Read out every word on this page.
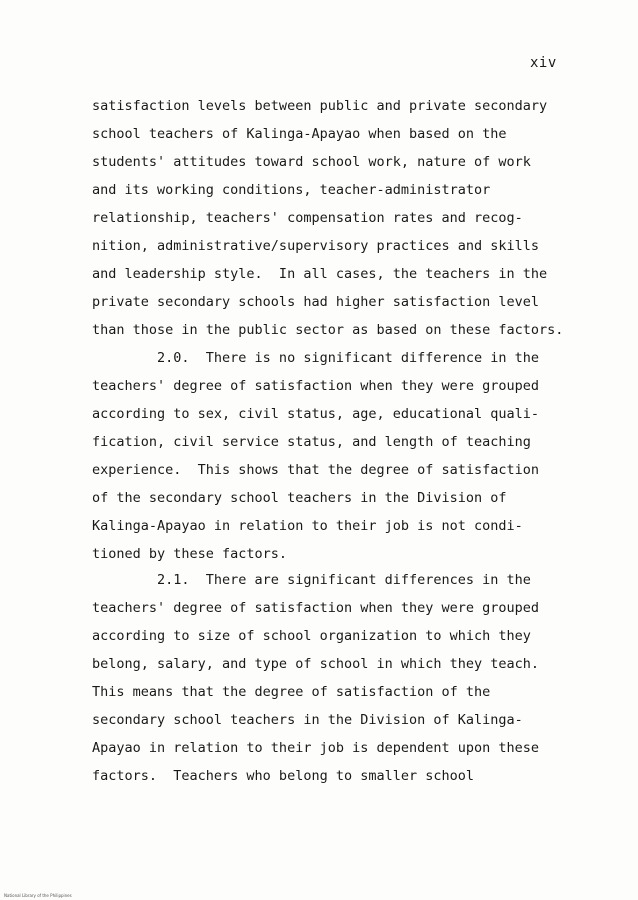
xiv
satisfaction levels between public and private secondary
school teachers of Kalinga-Apayao when based on the
students' attitudes toward school work, nature of work
and its working conditions, teacher-administrator
relationship, teachers' compensation rates and recog-
nition, administrative/supervisory practices and skills
and leadership style.  In all cases, the teachers in the
private secondary schools had higher satisfaction level
than those in the public sector as based on these factors.
2.0.  There is no significant difference in the
teachers' degree of satisfaction when they were grouped
according to sex, civil status, age, educational quali-
fication, civil service status, and length of teaching
experience.  This shows that the degree of satisfaction
of the secondary school teachers in the Division of
Kalinga-Apayao in relation to their job is not condi-
tioned by these factors.
2.1.  There are significant differences in the
teachers' degree of satisfaction when they were grouped
according to size of school organization to which they
belong, salary, and type of school in which they teach.
This means that the degree of satisfaction of the
secondary school teachers in the Division of Kalinga-
Apayao in relation to their job is dependent upon these
factors.  Teachers who belong to smaller school
National Library of the Philippines
